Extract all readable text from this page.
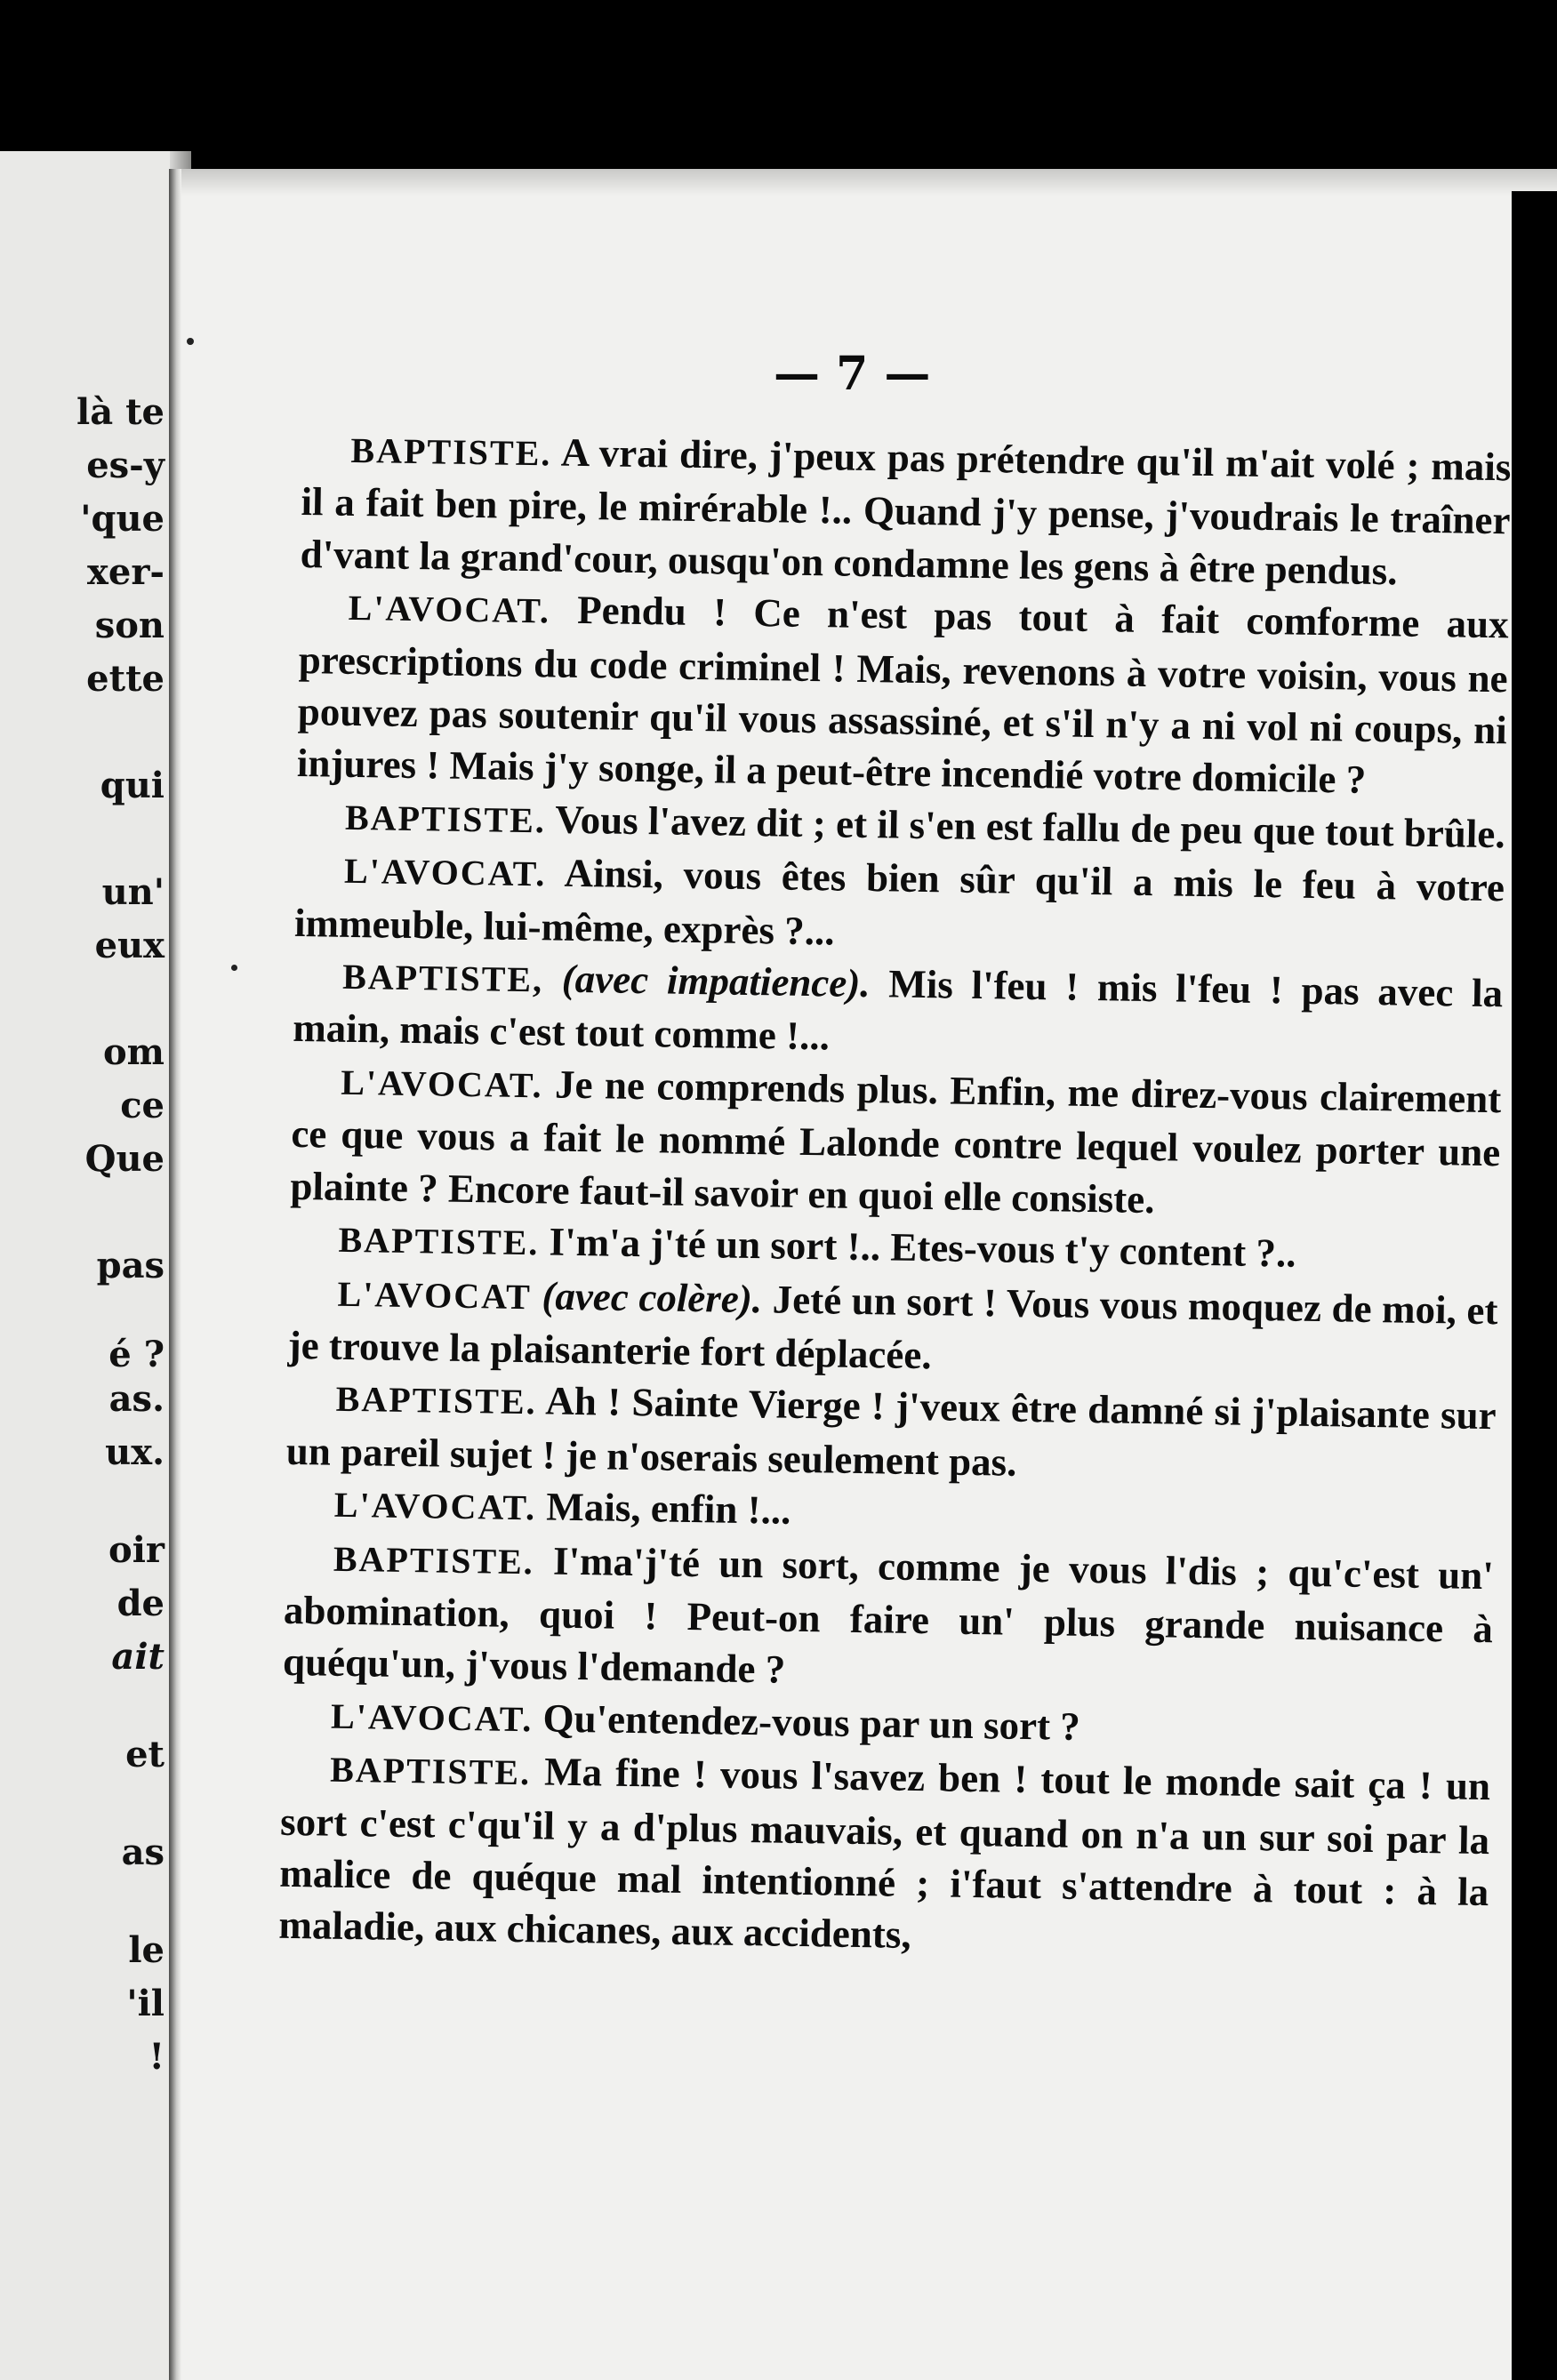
là te
es-y
'que
xer-
son
ette
qui
un'
eux
om
ce
Que
pas
é ?
as.
ux.
oir
de
ait
et
as
le
'il
!
— 7 —

BAPTISTE. A vrai dire, j'peux pas prétendre qu'il m'ait volé ; mais il a fait ben pire, le mirérable !.. Quand j'y pense, j'voudrais le traîner d'vant la grand'cour, ousqu'on condamne les gens à être pendus.

L'AVOCAT. Pendu ! Ce n'est pas tout à fait comforme aux prescriptions du code criminel ! Mais, revenons à votre voisin, vous ne pouvez pas soutenir qu'il vous assassiné, et s'il n'y a ni vol ni coups, ni injures ! Mais j'y songe, il a peut-être incendié votre domicile ?

BAPTISTE. Vous l'avez dit ; et il s'en est fallu de peu que tout brûle.

L'AVOCAT. Ainsi, vous êtes bien sûr qu'il a mis le feu à votre immeuble, lui-même, exprès ?...

BAPTISTE, (avec impatience). Mis l'feu ! mis l'feu ! pas avec la main, mais c'est tout comme !...

L'AVOCAT. Je ne comprends plus. Enfin, me direz-vous clairement ce que vous a fait le nommé Lalonde contre lequel voulez porter une plainte ? Encore faut-il savoir en quoi elle consiste.

BAPTISTE. I'm'a j'té un sort !.. Etes-vous t'y content ?..

L'AVOCAT (avec colère). Jeté un sort ! Vous vous moquez de moi, et je trouve la plaisanterie fort déplacée.

BAPTISTE. Ah ! Sainte Vierge ! j'veux être damné si j'plaisante sur un pareil sujet ! je n'oserais seulement pas.

L'AVOCAT. Mais, enfin !...

BAPTISTE. I'ma'j'té un sort, comme je vous l'dis ; qu'c'est un' abomination, quoi ! Peut-on faire un' plus grande nuisance à quéqu'un, j'vous l'demande ?

L'AVOCAT. Qu'entendez-vous par un sort ?

BAPTISTE. Ma fine ! vous l'savez ben ! tout le monde sait ça ! un sort c'est c'qu'il y a d'plus mauvais, et quand on n'a un sur soi par la malice de quéque mal intentionné ; i'faut s'attendre à tout : à la maladie, aux chicanes, aux accidents,
